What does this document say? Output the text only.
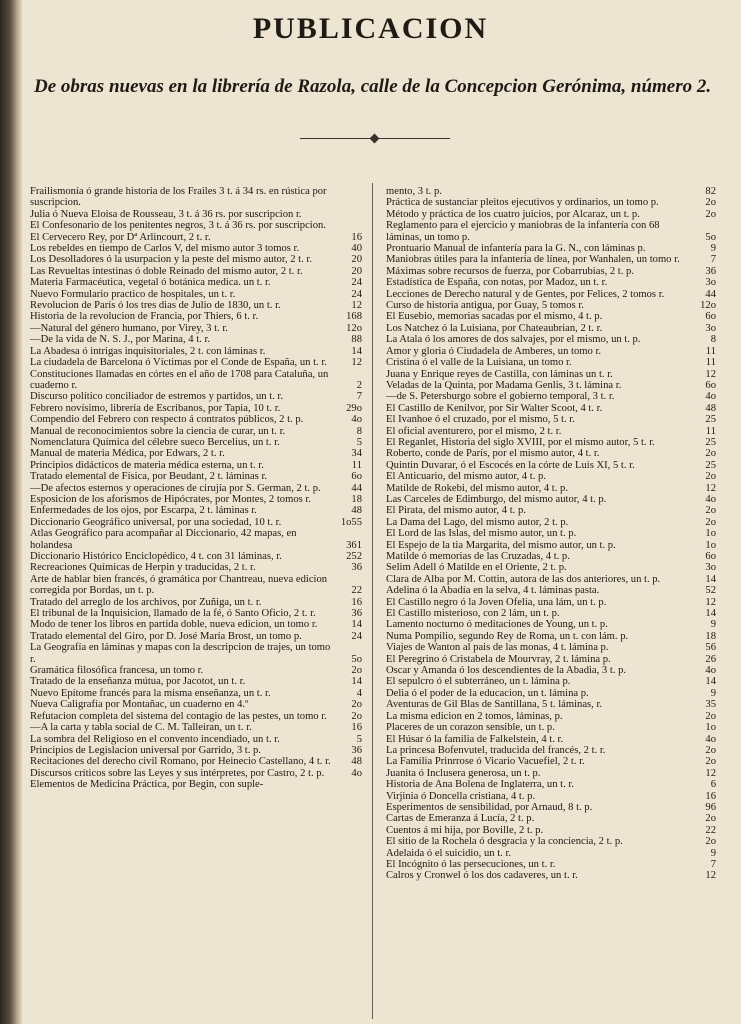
PUBLICACION
De obras nuevas en la librería de Razola, calle de la Concepcion Gerónima, número 2.
Frailismonía ó grande historia de los Frailes 3 t. á 34 rs. en rústica por suscripcion.
Julia ó Nueva Eloisa de Rousseau, 3 t. á 36 rs. por suscripcion r.
El Confesonario de los penitentes negros, 3 t. á 36 rs. por suscripcion.
El Cervecero Rey, por Dª Arlincourt, 2 t. r.	16
Los rebeldes en tiempo de Carlos V, del mismo autor 3 tomos r.	40
Los Desolladores ó la usurpacion y la peste del mismo autor, 2 t. r.	20
Las Revueltas intestinas ó doble Reinado del mismo autor, 2 t. r.	20
Materia Farmacéutica, vegetal ó botánica medica. un t. r.	24
Nuevo Formulario practico de hospitales, un t. r.	24
Revolucion de París ó los tres dias de Julio de 1830, un t. r.	12
Historia de la revolucion de Francia, por Thiers, 6 t. r.	168
—Natural del género humano, por Virey, 3 t. r.	12o
—De la vida de N. S. J., por Marina, 4 t. r.	88
La Abadesa ó intrigas inquisitoriales, 2 t. con láminas r.	14
La ciudadela de Barcelona ó Víctimas por el Conde de España, un t. r.	12
Constituciones llamadas en córtes en el año de 1708 para Cataluña, un cuaderno r.	2
Discurso político conciliador de estremos y partidos, un t. r.	7
Febrero novísimo, librería de Escribanos, por Tapia, 10 t. r.	29o
Compendio del Febrero con respecto á contratos públicos, 2 t. p.	4o
Manual de reconocimientos sobre la ciencia de curar, un t. r.	8
Nomenclatura Química del célebre sueco Bercelius, un t. r.	5
Manual de materia Médica, por Edwars, 2 t. r.	34
Principios didácticos de materia médica esterna, un t. r.	11
Tratado elemental de Física, por Beudant, 2 t. láminas r.	6o
—De afectos esternos y operaciones de cirujía por S. German, 2 t. p.	44
Esposicion de los aforismos de Hipócrates, por Montes, 2 tomos r.	18
Enfermedades de los ojos, por Escarpa, 2 t. láminas r.	48
Diccionario Geográfico universal, por una sociedad, 10 t. r.	1o55
Atlas Geográfico para acompañar al Diccionario, 42 mapas, en holandesa	361
Diccionario Histórico Enciclopédico, 4 t. con 31 láminas, r.	252
Recreaciones Químicas de Herpin y traducidas, 2 t. r.	36
Arte de hablar bien francés, ó gramática por Chantreau, nueva edicion corregida por Bordas, un t. p.	22
Tratado del arreglo de los archivos, por Zuñiga, un t. r.	16
El tribunal de la Inquisicion, llamado de la fé, ó Santo Oficio, 2 t. r.	36
Modo de tener los libros en partida doble, nueva edicion, un tomo r.	14
Tratado elemental del Giro, por D. José María Brost, un tomo p.	24
La Geografía en láminas y mapas con la descripcion de trajes, un tomo r.	5o
Gramática filosófica francesa, un tomo r.	2o
Tratado de la enseñanza mútua, por Jacotot, un t. r.	14
Nuevo Epítome francés para la misma enseñanza, un t. r.	4
Nueva Caligrafía por Montañac, un cuaderno en 4.º	2o
Refutacion completa del sistema del contagio de las pestes, un tomo r.	2o
—A la carta y tabla social de C. M. Talleiran, un t. r.	16
La sombra del Religioso en el convento incendiado, un t. r.	5
Principios de Legislacion universal por Garrido, 3 t. p.	36
Recitaciones del derecho civil Romano, por Heinecio Castellano, 4 t. r.	48
Discursos críticos sobre las Leyes y sus intérpretes, por Castro, 2 t. p.	4o
Elementos de Medicina Práctica, por Begin, con suple-
mento, 3 t. p.	82
Práctica de sustanciar pleitos ejecutivos y ordinarios, un tomo p.	2o
Método y práctica de los cuatro juicios, por Alcaraz, un t. p.	2o
Reglamento para el ejercicio y maniobras de la infantería con 68 láminas, un tomo p.	5o
Prontuario Manual de infantería para la G. N., con láminas p.	9
Maniobras útiles para la infantería de línea, por Wanhalen, un tomo r.	7
Máximas sobre recursos de fuerza, por Cobarrubias, 2 t. p.	36
Estadística de España, con notas, por Madoz, un t. r.	3o
Lecciones de Derecho natural y de Gentes, por Felices, 2 tomos r.	44
Curso de historia antigua, por Guay, 5 tomos r.	12o
El Eusebio, memorias sacadas por el mismo, 4 t. p.	6o
Los Natchez ó la Luisiana, por Chateaubrian, 2 t. r.	3o
La Atala ó los amores de dos salvajes, por el mismo, un t. p.	8
Amor y gloria ó Ciudadela de Amberes, un tomo r.	11
Cristina ó el valle de la Luisiana, un tomo r.	11
Juana y Enrique reyes de Castilla, con láminas un t. r.	12
Veladas de la Quinta, por Madama Genlis, 3 t. lámina r.	6o
—de S. Petersburgo sobre el gobierno temporal, 3 t. r.	4o
El Castillo de Kenilvor, por Sir Walter Scoot, 4 t. r.	48
El Ivanhoe ó el cruzado, por el mismo, 5 t. r.	25
El oficial aventurero, por el mismo, 2 t. r.	11
El Reganlet, Historia del siglo XVIII, por el mismo autor, 5 t. r.	25
Roberto, conde de París, por el mismo autor, 4 t. r.	2o
Quintin Duvarar, ó el Escocés en la córte de Luis XI, 5 t. r.	25
El Anticuario, del mismo autor, 4 t. p.	2o
Matilde de Rokebi, del mismo autor, 4 t. p.	12
Las Carceles de Edimburgo, del mismo autor, 4 t. p.	4o
El Pirata, del mismo autor, 4 t. p.	2o
La Dama del Lago, del mismo autor, 2 t. p.	2o
El Lord de las Islas, del mismo autor, un t. p.	1o
El Espejo de la tia Margarita, del mismo autor, un t. p.	1o
Matilde ó memorias de las Cruzadas, 4 t. p.	6o
Selim Adell ó Matilde en el Oriente, 2 t. p.	3o
Clara de Alba por M. Cottin, autora de las dos anteriores, un t. p.	14
Adelina ó la Abadía en la selva, 4 t. láminas pasta.	52
El Castillo negro ó la Joven Ofelia, una lám, un t. p.	12
El Castillo misterioso, con 2 lám, un t. p.	14
Lamento nocturno ó meditaciones de Young, un t. p.	9
Numa Pompilio, segundo Rey de Roma, un t. con lám. p.	18
Viajes de Wanton al pais de las monas, 4 t. lámina p.	56
El Peregrino ó Cristabela de Mourvray, 2 t. lámina p.	26
Oscar y Amanda ó los descendientes de la Abadia, 3 t. p.	4o
El sepulcro ó el subterráneo, un t. lámina p.	14
Delia ó el poder de la educacion, un t. lámina p.	9
Aventuras de Gil Blas de Santillana, 5 t. láminas, r.	35
La misma edicion en 2 tomos, láminas, p.	2o
Placeres de un corazon sensible, un t. p.	1o
El Húsar ó la familia de Falkelstein, 4 t. r.	4o
La princesa Bofenvutel, traducida del francés, 2 t. r.	2o
La Familia Prinrrose ó Vicario Vacuefiel, 2 t. r.	2o
Juanita ó Inclusera generosa, un t. p.	12
Historia de Ana Bolena de Inglaterra, un t. r.	6
Virjinia ó Doncella cristiana, 4 t. p.	16
Esperimentos de sensibilidad, por Arnaud, 8 t. p.	96
Cartas de Emeranza á Lucía, 2 t. p.	2o
Cuentos á mi hija, por Boville, 2 t. p.	22
El sitio de la Rochela ó desgracia y la conciencia, 2 t. p.	2o
Adelaida ó el suicidio, un t. r.	9
El Incógnito ó las persecuciones, un t. r.	7
Calros y Cronwel ó los dos cadaveres, un t. r.	12
